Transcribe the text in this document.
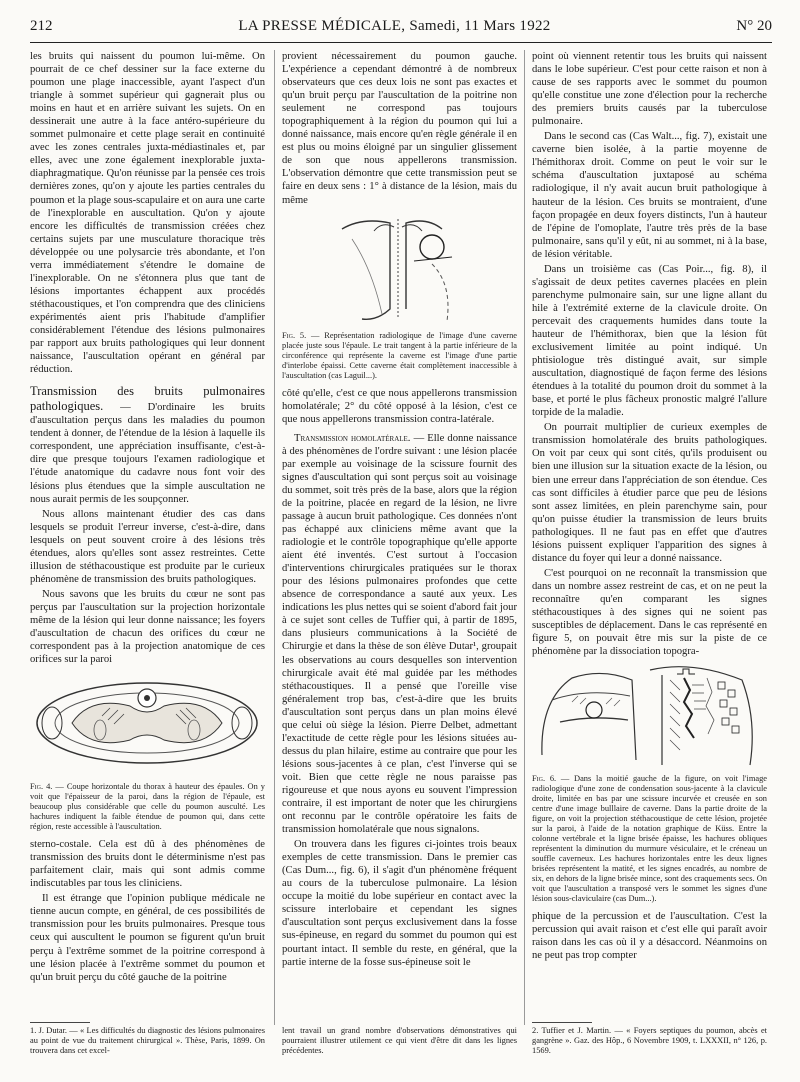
212	LA PRESSE MÉDICALE, Samedi, 11 Mars 1922	N° 20

les bruits qui naissent du poumon lui-même. On pourrait de ce chef dessiner sur la face externe du poumon une plage inaccessible, ayant l'aspect d'un triangle à sommet supérieur qui gagnerait plus ou moins en haut et en arrière suivant les sujets. On en dessinerait une autre à la face antéro-supérieure du sommet pulmonaire et cette plage serait en continuité avec les zones centrales juxta-médiastinales et, par elles, avec une zone également inexplorable juxta-diaphragmatique. Qu'on réunisse par la pensée ces trois dernières zones, qu'on y ajoute les parties centrales du poumon et la plage sous-scapulaire et on aura une carte de l'inexplorable en auscultation. Qu'on y ajoute encore les difficultés de transmission créées chez certains sujets par une musculature thoracique très développée ou une polysarcie très abondante, et l'on verra immédiatement s'étendre le domaine de l'inexplorable. On ne s'étonnera plus que tant de lésions importantes échappent aux procédés stéthacoustiques, et l'on comprendra que des cliniciens expérimentés aient pris l'habitude d'amplifier considérablement l'étendue des lésions pulmonaires par rapport aux bruits pathologiques qui leur donnent naissance, l'auscultation opérant en général par réduction.

Transmission des bruits pulmonaires pathologiques. — D'ordinaire les bruits d'auscultation perçus dans les maladies du poumon tendent à donner, de l'étendue de la lésion à laquelle ils correspondent, une appréciation insuffisante, c'est-à-dire que presque toujours l'examen radiologique et l'étude anatomique du cadavre nous font voir des lésions plus étendues que la simple auscultation ne nous aurait permis de les soupçonner.

Nous allons maintenant étudier des cas dans lesquels se produit l'erreur inverse, c'est-à-dire, dans lesquels on peut souvent croire à des lésions très étendues, alors qu'elles sont assez restreintes. Cette illusion de stéthacoustique est produite par le curieux phénomène de transmission des bruits pathologiques.

Nous savons que les bruits du cœur ne sont pas perçus par l'auscultation sur la projection horizontale même de la lésion qui leur donne naissance; les foyers d'auscultation de chacun des orifices du cœur ne correspondent pas à la projection anatomique de ces orifices sur la paroi

Fig. 4. — Coupe horizontale du thorax à hauteur des épaules. On y voit que l'épaisseur de la paroi, dans la région de l'épaule, est beaucoup plus considérable que celle du poumon ausculté. Les hachures indiquent la faible étendue de poumon qui, dans cette région, reste accessible à l'auscultation.

sterno-costale. Cela est dû à des phénomènes de transmission des bruits dont le déterminisme n'est pas parfaitement clair, mais qui sont admis comme indiscutables par tous les cliniciens.

Il est étrange que l'opinion publique médicale ne tienne aucun compte, en général, de ces possibilités de transmission pour les bruits pulmonaires. Presque tous ceux qui auscultent le poumon se figurent qu'un bruit perçu à l'extrême sommet de la poitrine correspond à une lésion placée à l'extrême sommet du poumon et qu'un bruit perçu du côté gauche de la poitrine

provient nécessairement du poumon gauche. L'expérience a cependant démontré à de nombreux observateurs que ces deux lois ne sont pas exactes et qu'un bruit perçu par l'auscultation de la poitrine non seulement ne correspond pas toujours topographiquement à la région du poumon qui lui a donné naissance, mais encore qu'en règle générale il en est plus ou moins éloigné par un singulier glissement de son que nous appellerons transmission. L'observation démontre que cette transmission peut se faire en deux sens : 1° à distance de la lésion, mais du même

Fig. 5. — Représentation radiologique de l'image d'une caverne placée juste sous l'épaule. Le trait tangent à la partie inférieure de la circonférence qui représente la caverne est l'image d'une partie d'interlobe épaissi. Cette caverne était complètement inaccessible à l'auscultation (cas Laguil...).

côté qu'elle, c'est ce que nous appellerons transmission homolatérale; 2° du côté opposé à la lésion, c'est ce que nous appellerons transmission contra-latérale.

Transmission homolatérale. — Elle donne naissance à des phénomènes de l'ordre suivant : une lésion placée par exemple au voisinage de la scissure fournit des signes d'auscultation qui sont perçus soit au voisinage du sommet, soit très près de la base, alors que la région de la poitrine, placée en regard de la lésion, ne livre passage à aucun bruit pathologique. Ces données n'ont pas échappé aux cliniciens même avant que la radiologie et le contrôle topographique qu'elle apporte aient été inventés. C'est surtout à l'occasion d'interventions chirurgicales pratiquées sur le thorax pour des lésions pulmonaires profondes que cette absence de correspondance a sauté aux yeux. Les indications les plus nettes qui se soient d'abord fait jour à ce sujet sont celles de Tuffier qui, à partir de 1895, dans plusieurs communications à la Société de Chirurgie et dans la thèse de son élève Dutar¹, groupait les observations au cours desquelles son intervention chirurgicale avait été mal guidée par les méthodes stéthacoustiques. Il a pensé que l'oreille vise généralement trop bas, c'est-à-dire que les bruits d'auscultation sont perçus dans un plan moins élevé que celui où siège la lésion. Pierre Delbet, admettant l'exactitude de cette règle pour les lésions situées au-dessus du plan hilaire, estime au contraire que pour les lésions sous-jacentes à ce plan, c'est l'inverse qui se voit. Bien que cette règle ne nous paraisse pas rigoureuse et que nous ayons eu souvent l'impression contraire, il est important de noter que les chirurgiens ont reconnu par le contrôle opératoire les faits de transmission homolatérale que nous signalons.

On trouvera dans les figures ci-jointes trois beaux exemples de cette transmission. Dans le premier cas (Cas Dum..., fig. 6), il s'agit d'un phénomène fréquent au cours de la tuberculose pulmonaire. La lésion occupe la moitié du lobe supérieur en contact avec la scissure interlobaire et cependant les signes d'auscultation sont perçus exclusivement dans la fosse sus-épineuse, en regard du sommet du poumon qui est pourtant intact. Il semble du reste, en général, que la partie interne de la fosse sus-épineuse soit le

point où viennent retentir tous les bruits qui naissent dans le lobe supérieur. C'est pour cette raison et non à cause de ses rapports avec le sommet du poumon qu'elle constitue une zone d'élection pour la recherche des premiers bruits causés par la tuberculose pulmonaire.

Dans le second cas (Cas Walt..., fig. 7), existait une caverne bien isolée, à la partie moyenne de l'hémithorax droit. Comme on peut le voir sur le schéma d'auscultation juxtaposé au schéma radiologique, il n'y avait aucun bruit pathologique à hauteur de la lésion. Ces bruits se montraient, d'une façon propagée en deux foyers distincts, l'un à hauteur de l'épine de l'omoplate, l'autre très près de la base pulmonaire, sans qu'il y eût, ni au sommet, ni à la base, de lésion véritable.

Dans un troisième cas (Cas Poir..., fig. 8), il s'agissait de deux petites cavernes placées en plein parenchyme pulmonaire sain, sur une ligne allant du hile à l'extrémité externe de la clavicule droite. On percevait des craquements humides dans toute la hauteur de l'hémithorax, bien que la lésion fût exclusivement limitée au point indiqué. Un phtisiologue très distingué avait, sur simple auscultation, diagnostiqué de façon ferme des lésions étendues à la totalité du poumon droit du sommet à la base, et porté le plus fâcheux pronostic malgré l'allure torpide de la maladie.

On pourrait multiplier de curieux exemples de transmission homolatérale des bruits pathologiques. On voit par ceux qui sont cités, qu'ils produisent ou bien une illusion sur la situation exacte de la lésion, ou bien une erreur dans l'appréciation de son étendue. Ces cas sont difficiles à étudier parce que peu de lésions sont assez limitées, en plein parenchyme sain, pour qu'on puisse étudier la transmission de leurs bruits pathologiques. Il ne faut pas en effet que d'autres lésions puissent expliquer l'apparition des signes à distance du foyer qui leur a donné naissance.

C'est pourquoi on ne reconnaît la transmission que dans un nombre assez restreint de cas, et on ne peut la reconnaître qu'en comparant les signes stéthacoustiques à des signes qui ne soient pas susceptibles de déplacement. Dans le cas représenté en figure 5, on pouvait être mis sur la piste de ce phénomène par la dissociation topogra-

Fig. 6. — Dans la moitié gauche de la figure, on voit l'image radiologique d'une zone de condensation sous-jacente à la clavicule droite, limitée en bas par une scissure incurvée et creusée en son centre d'une image bulllaire de caverne. Dans la partie droite de la figure, on voit la projection stéthacoustique de cette lésion, projetée sur la paroi, à l'aide de la notation graphique de Küss. Entre la colonne vertébrale et la ligne brisée épaisse, les hachures obliques représentent la diminution du murmure vésiculaire, et le créneau un souffle caverneux. Les hachures horizontales entre les deux lignes brisées représentent la matité, et les signes encadrés, au nombre de six, en dehors de la ligne brisée mince, sont des craquements secs. On voit que l'auscultation a transposé vers le sommet les signes d'une lésion sous-claviculaire (cas Dum...).

phique de la percussion et de l'auscultation. C'est la percussion qui avait raison et c'est elle qui paraît avoir raison dans les cas où il y a désaccord. Néanmoins on ne peut pas trop compter

1. J. Dutar. — « Les difficultés du diagnostic des lésions pulmonaires au point de vue du traitement chirurgical ». Thèse, Paris, 1899. On trouvera dans cet excel-
lent travail un grand nombre d'observations démonstratives qui pourraient illustrer utilement ce qui vient d'être dit dans les lignes précédentes.
2. Tuffier et J. Martin. — « Foyers septiques du poumon, abcès et gangrène ». Gaz. des Hôp., 6 Novembre 1909, t. LXXXII, n° 126, p. 1569.
